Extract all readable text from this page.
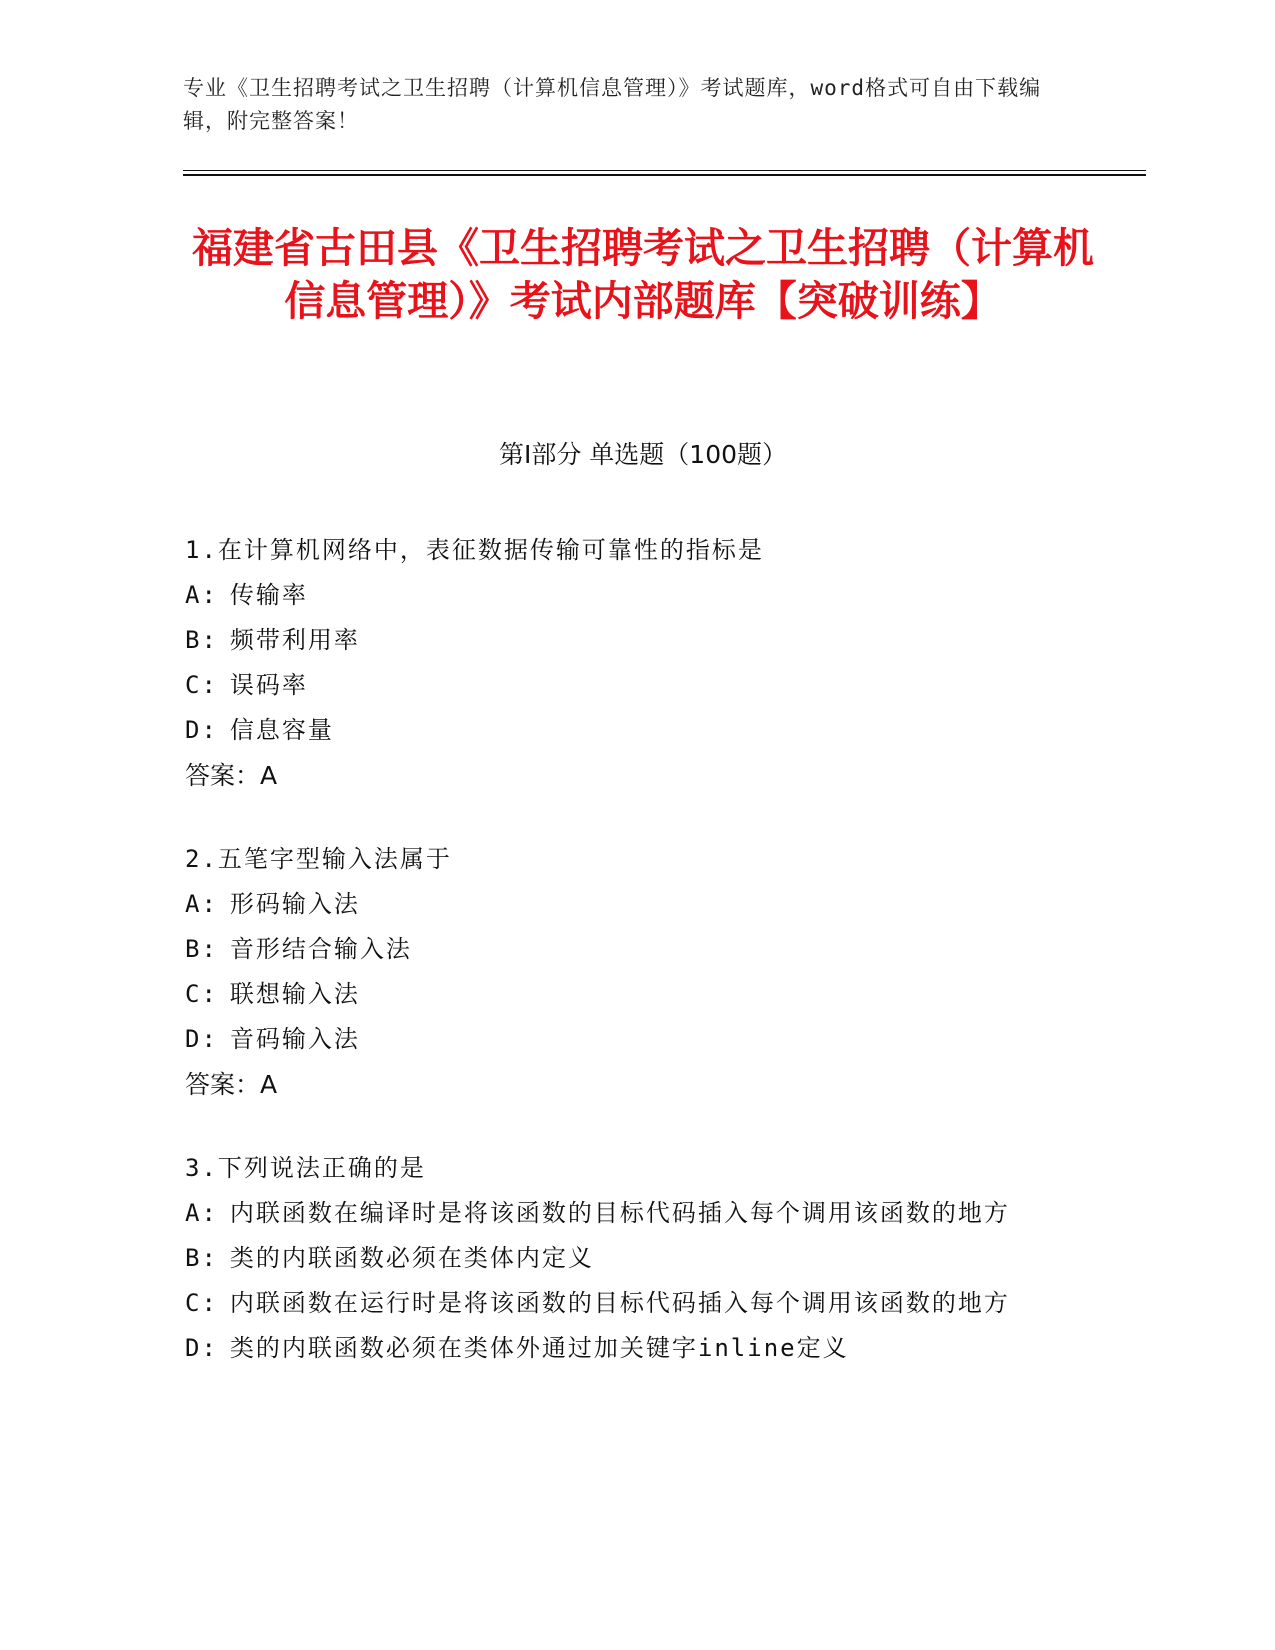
专业《卫生招聘考试之卫生招聘（计算机信息管理）》考试题库，word格式可自由下载编辑，附完整答案！
福建省古田县《卫生招聘考试之卫生招聘（计算机信息管理）》考试内部题库【突破训练】
第Ⅰ部分 单选题（100题）

1.在计算机网络中，表征数据传输可靠性的指标是

A: 传输率

B: 频带利用率

C: 误码率

D: 信息容量

答案：A

2.五笔字型输入法属于

A: 形码输入法

B: 音形结合输入法

C: 联想输入法

D: 音码输入法

答案：A

3.下列说法正确的是

A: 内联函数在编译时是将该函数的目标代码插入每个调用该函数的地方

B: 类的内联函数必须在类体内定义

C: 内联函数在运行时是将该函数的目标代码插入每个调用该函数的地方

D: 类的内联函数必须在类体外通过加关键字inline定义
